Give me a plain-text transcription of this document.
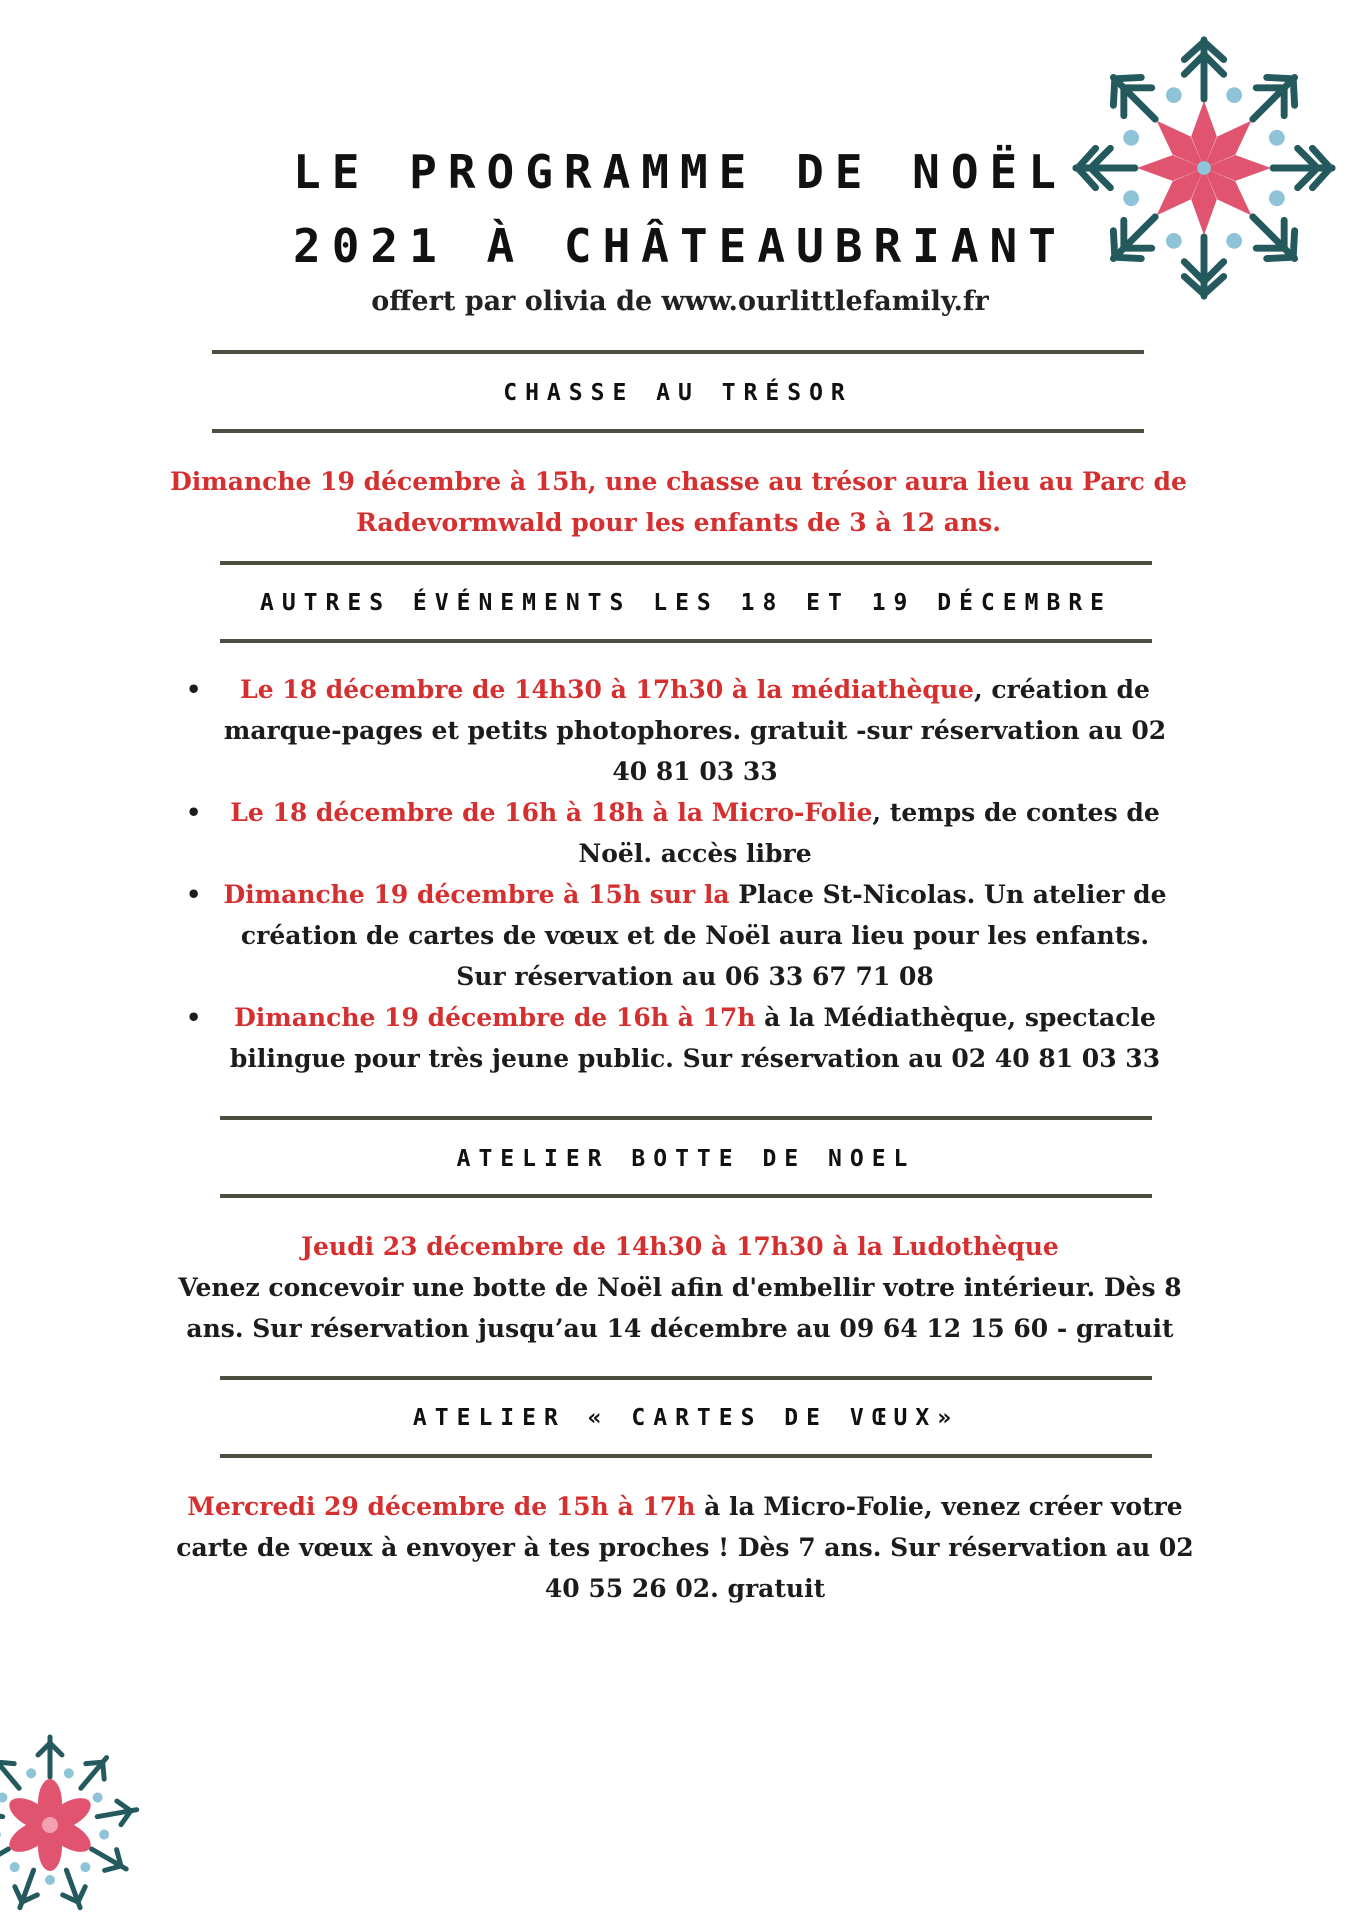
LE PROGRAMME DE NOËL
2021 À CHÂTEAUBRIANT
offert par olivia de www.ourlittlefamily.fr
CHASSE AU TRÉSOR
Dimanche 19 décembre à 15h, une chasse au trésor aura lieu au Parc de Radevormwald pour les enfants de 3 à 12 ans.
AUTRES ÉVÉNEMENTS LES 18 ET 19 DÉCEMBRE
• Le 18 décembre de 14h30 à 17h30 à la médiathèque, création de marque-pages et petits photophores. gratuit -sur réservation au 02 40 81 03 33
• Le 18 décembre de 16h à 18h à la Micro-Folie, temps de contes de Noël. accès libre
• Dimanche 19 décembre à 15h sur la Place St-Nicolas. Un atelier de création de cartes de vœux et de Noël aura lieu pour les enfants. Sur réservation au 06 33 67 71 08
• Dimanche 19 décembre de 16h à 17h à la Médiathèque, spectacle bilingue pour très jeune public. Sur réservation au 02 40 81 03 33
ATELIER BOTTE DE NOEL
Jeudi 23 décembre de 14h30 à 17h30 à la Ludothèque
Venez concevoir une botte de Noël afin d'embellir votre intérieur. Dès 8 ans. Sur réservation jusqu’au 14 décembre au 09 64 12 15 60 - gratuit
ATELIER « CARTES DE VŒUX»
Mercredi 29 décembre de 15h à 17h à la Micro-Folie, venez créer votre carte de vœux à envoyer à tes proches ! Dès 7 ans. Sur réservation au 02 40 55 26 02. gratuit
